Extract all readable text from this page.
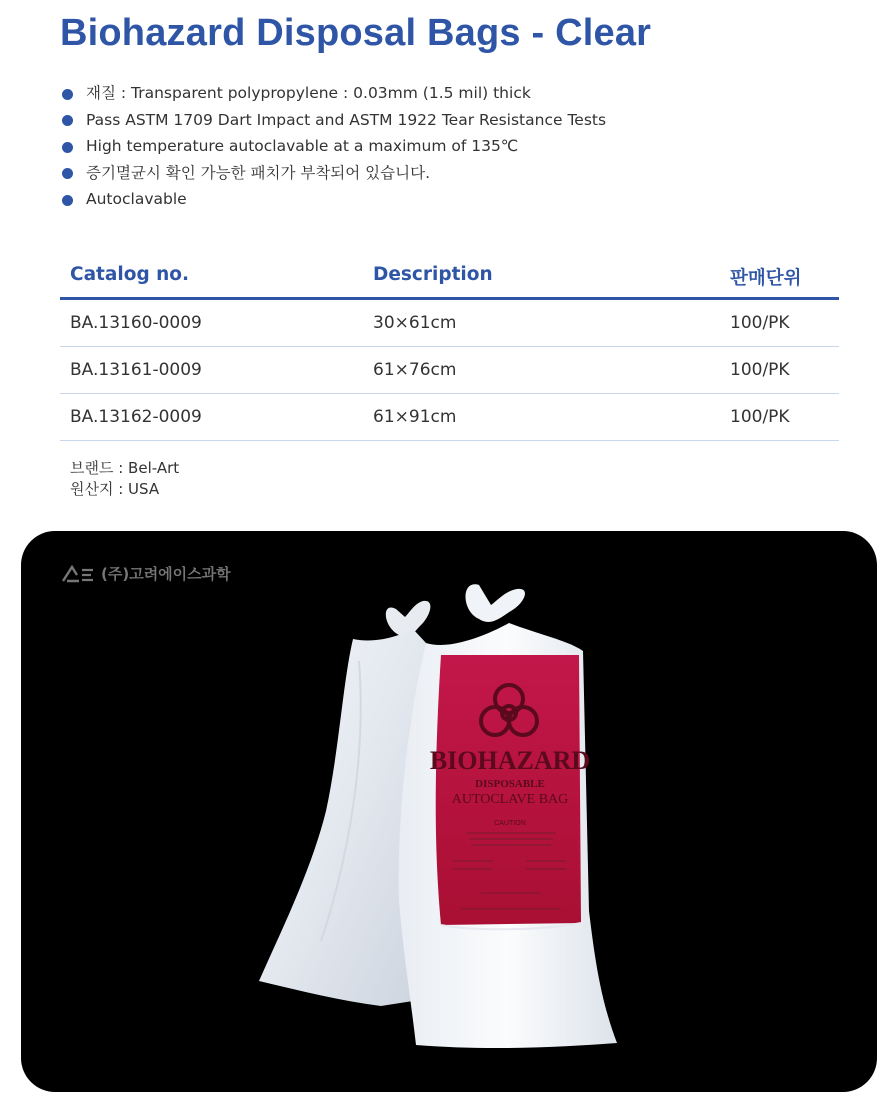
Biohazard Disposal Bags - Clear
재질 : Transparent polypropylene : 0.03mm (1.5 mil) thick
Pass ASTM 1709 Dart Impact and ASTM 1922 Tear Resistance Tests
High temperature autoclavable at a maximum of 135℃
증기멸균시 확인 가능한 패치가 부착되어 있습니다.
Autoclavable
Catalog no.	Description	판매단위
BA.13160-0009	30×61cm	100/PK
BA.13161-0009	61×76cm	100/PK
BA.13162-0009	61×91cm	100/PK
브랜드 : Bel-Art
원산지 : USA
(주)고려에이스과학
BIOHAZARD
DISPOSABLE
AUTOCLAVE BAG
CAUTION
